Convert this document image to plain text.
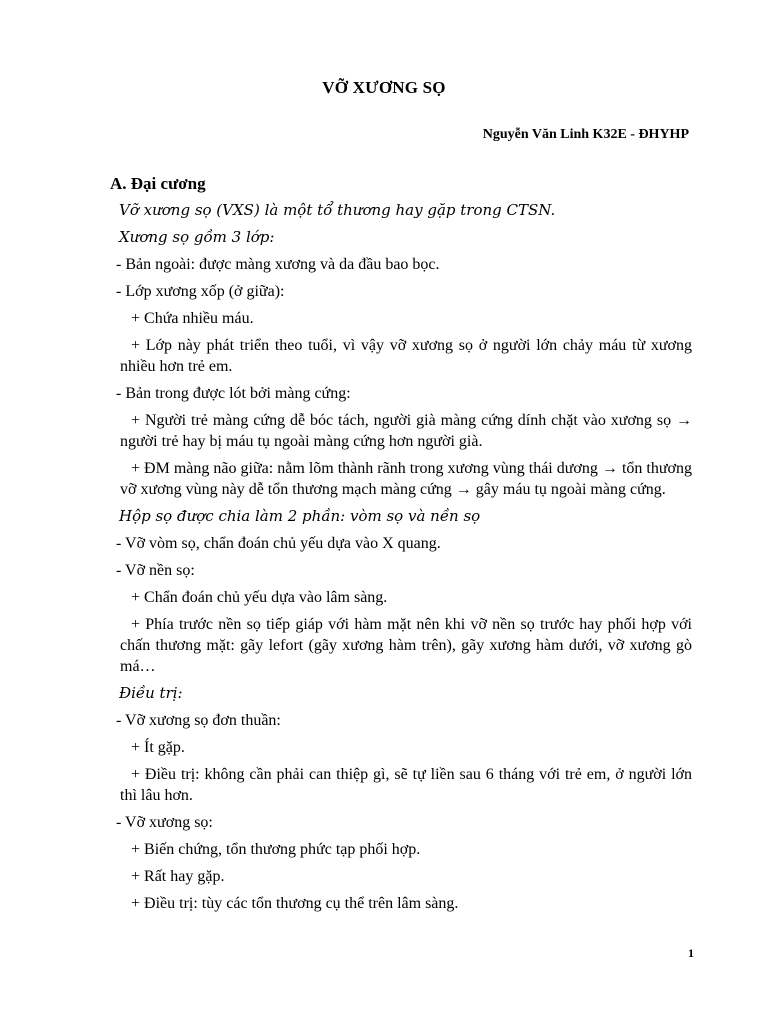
VỠ XƯƠNG SỌ
Nguyễn Văn Linh K32E - ĐHYHP
A. Đại cương

Vỡ xương sọ (VXS) là một tổ thương hay gặp trong CTSN.

Xương sọ gồm 3 lớp:

- Bản ngoài: được màng xương và da đầu bao bọc.

- Lớp xương xốp (ở giữa):

+ Chứa nhiều máu.

+ Lớp này phát triển theo tuổi, vì vậy vỡ xương sọ ở người lớn chảy máu từ xương nhiều hơn trẻ em.

- Bản trong được lót bởi màng cứng:

+ Người trẻ màng cứng dễ bóc tách, người già màng cứng dính chặt vào xương sọ → người trẻ hay bị máu tụ ngoài màng cứng hơn người già.

+ ĐM màng não giữa: nằm lõm thành rãnh trong xương vùng thái dương → tổn thương vỡ xương vùng này dễ tổn thương mạch màng cứng → gây máu tụ ngoài màng cứng.

Hộp sọ được chia làm 2 phần: vòm sọ và nền sọ

- Vỡ vòm sọ, chẩn đoán chủ yếu dựa vào X quang.

- Vỡ nền sọ:

+ Chẩn đoán chủ yếu dựa vào lâm sàng.

+ Phía trước nền sọ tiếp giáp với hàm mặt nên khi vỡ nền sọ trước hay phối hợp với chấn thương mặt: gãy lefort (gãy xương hàm trên), gãy xương hàm dưới, vỡ xương gò má…

Điều trị:

- Vỡ xương sọ đơn thuần:

+ Ít gặp.

+ Điều trị: không cần phải can thiệp gì, sẽ tự liền sau 6 tháng với trẻ em, ở người lớn thì lâu hơn.

- Vỡ xương sọ:

+ Biến chứng, tổn thương phức tạp phối hợp.

+ Rất hay gặp.

+ Điều trị: tùy các tổn thương cụ thể trên lâm sàng.

1
